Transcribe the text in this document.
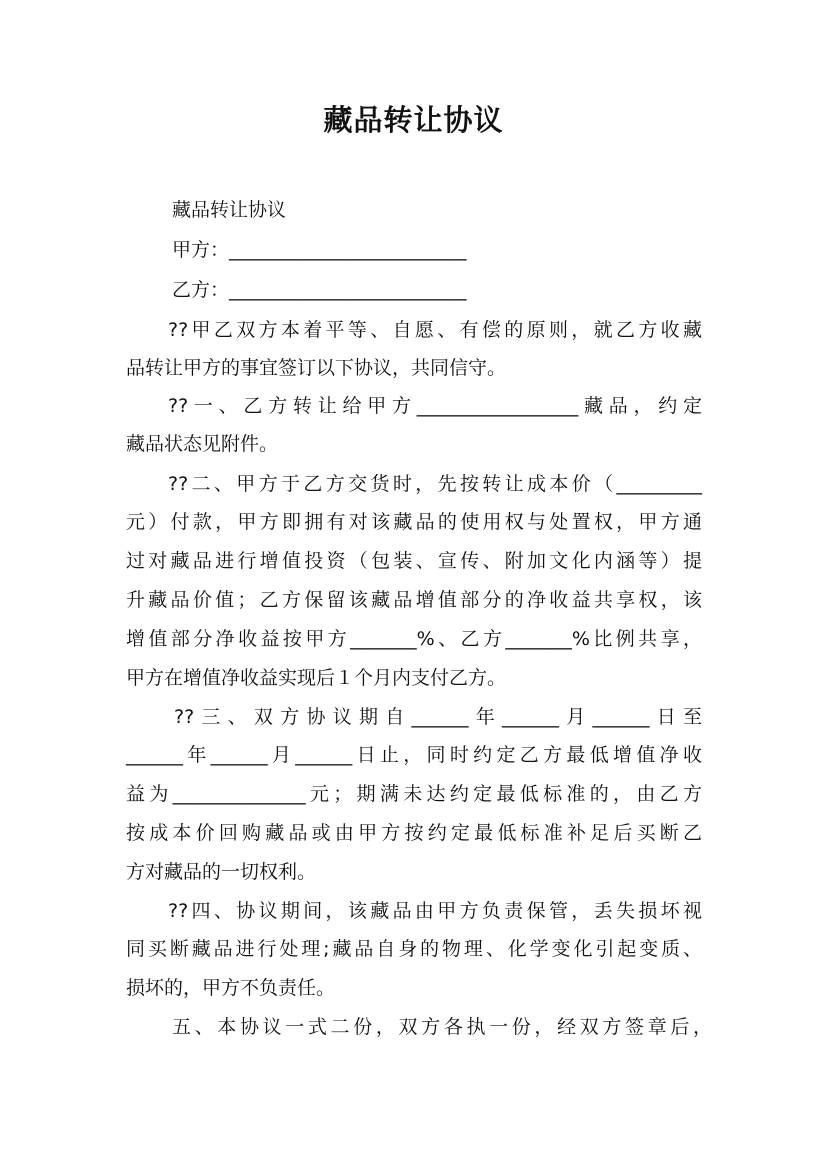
藏品转让协议
藏品转让协议
甲方：_________________________
乙方：_________________________
??甲乙双方本着平等、自愿、有偿的原则，就乙方收藏
品转让甲方的事宜签订以下协议，共同信守。
??一、乙方转让给甲方_________________藏品，约定
藏品状态见附件。
??二、甲方于乙方交货时，先按转让成本价（_________
元）付款，甲方即拥有对该藏品的使用权与处置权，甲方通
过对藏品进行增值投资（包装、宣传、附加文化内涵等）提
升藏品价值；乙方保留该藏品增值部分的净收益共享权，该
增值部分净收益按甲方_______%、乙方_______%比例共享，
甲方在增值净收益实现后１个月内支付乙方。
??三、双方协议期自______年______月______日至
______年______月______日止，同时约定乙方最低增值净收
益为______________元；期满未达约定最低标准的，由乙方
按成本价回购藏品或由甲方按约定最低标准补足后买断乙
方对藏品的一切权利。
??四、协议期间，该藏品由甲方负责保管，丢失损坏视
同买断藏品进行处理;藏品自身的物理、化学变化引起变质、
损坏的，甲方不负责任。
五、本协议一式二份，双方各执一份，经双方签章后，
